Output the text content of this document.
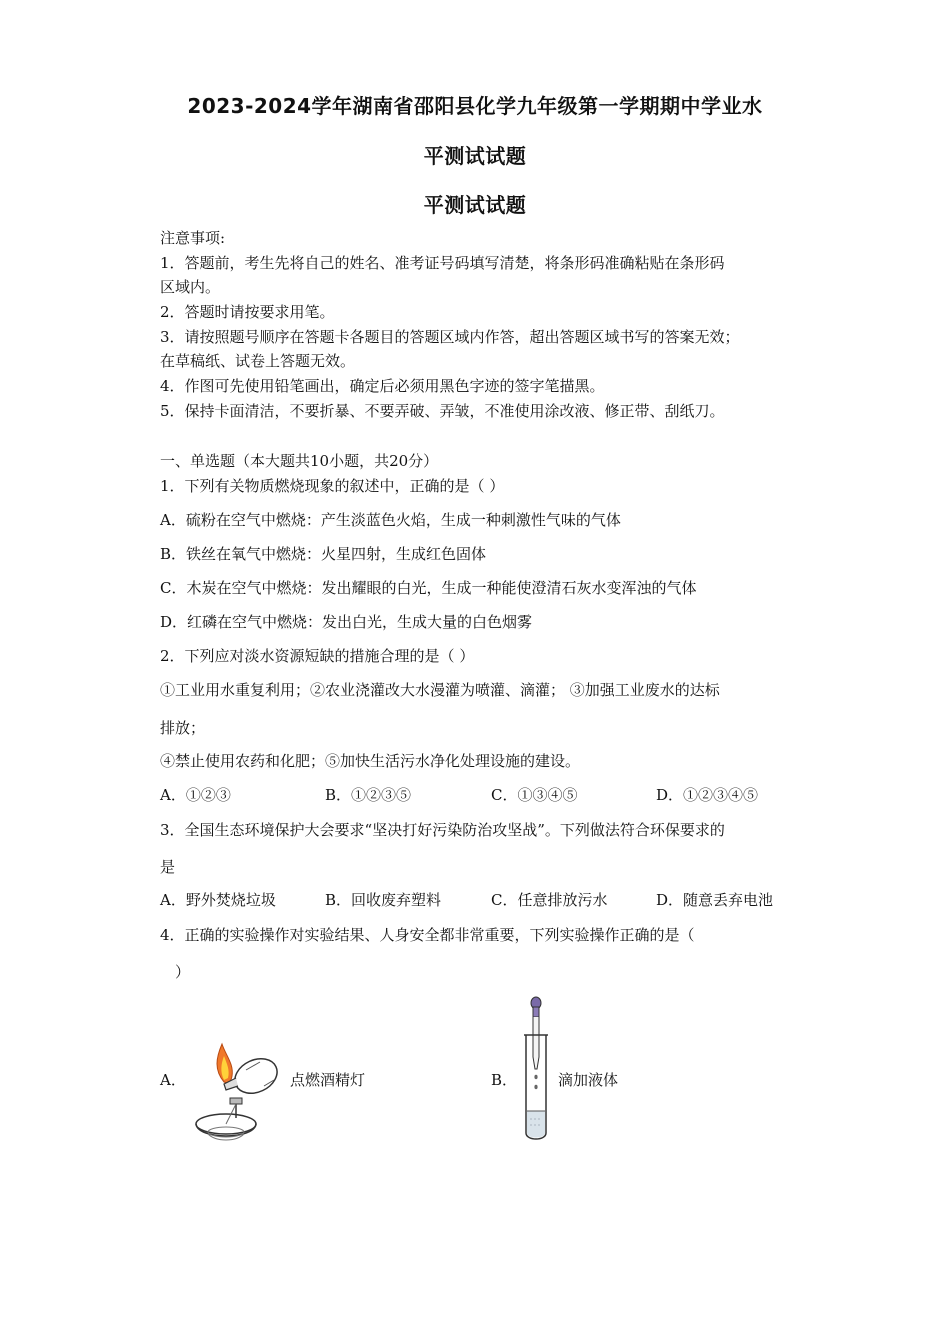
2023-2024学年湖南省邵阳县化学九年级第一学期期中学业水
平测试试题
平测试试题
注意事项:
1．答题前，考生先将自己的姓名、准考证号码填写清楚，将条形码准确粘贴在条形码
区域内。
2．答题时请按要求用笔。
3．请按照题号顺序在答题卡各题目的答题区域内作答，超出答题区域书写的答案无效；
在草稿纸、试卷上答题无效。
4．作图可先使用铅笔画出，确定后必须用黑色字迹的签字笔描黑。
5．保持卡面清洁，不要折暴、不要弄破、弄皱，不准使用涂改液、修正带、刮纸刀。
一、单选题（本大题共10小题，共20分）
1．下列有关物质燃烧现象的叙述中，正确的是（ ）
A．硫粉在空气中燃烧：产生淡蓝色火焰，生成一种刺激性气味的气体
B．铁丝在氧气中燃烧：火星四射，生成红色固体
C．木炭在空气中燃烧：发出耀眼的白光，生成一种能使澄清石灰水变浑浊的气体
D．红磷在空气中燃烧：发出白光，生成大量的白色烟雾
2．下列应对淡水资源短缺的措施合理的是（ ）
①工业用水重复利用；②农业浇灌改大水漫灌为喷灌、滴灌； ③加强工业废水的达标
排放；
④禁止使用农药和化肥；⑤加快生活污水净化处理设施的建设。
A．①②③	B．①②③⑤	C．①③④⑤	D．①②③④⑤
3．全国生态环境保护大会要求“坚决打好污染防治攻坚战”。下列做法符合环保要求的
是
A．野外焚烧垃圾	B．回收废弃塑料	C．任意排放污水	D．随意丢弃电池
4．正确的实验操作对实验结果、人身安全都非常重要，下列实验操作正确的是（
）
A．	点燃酒精灯	B．	滴加液体
